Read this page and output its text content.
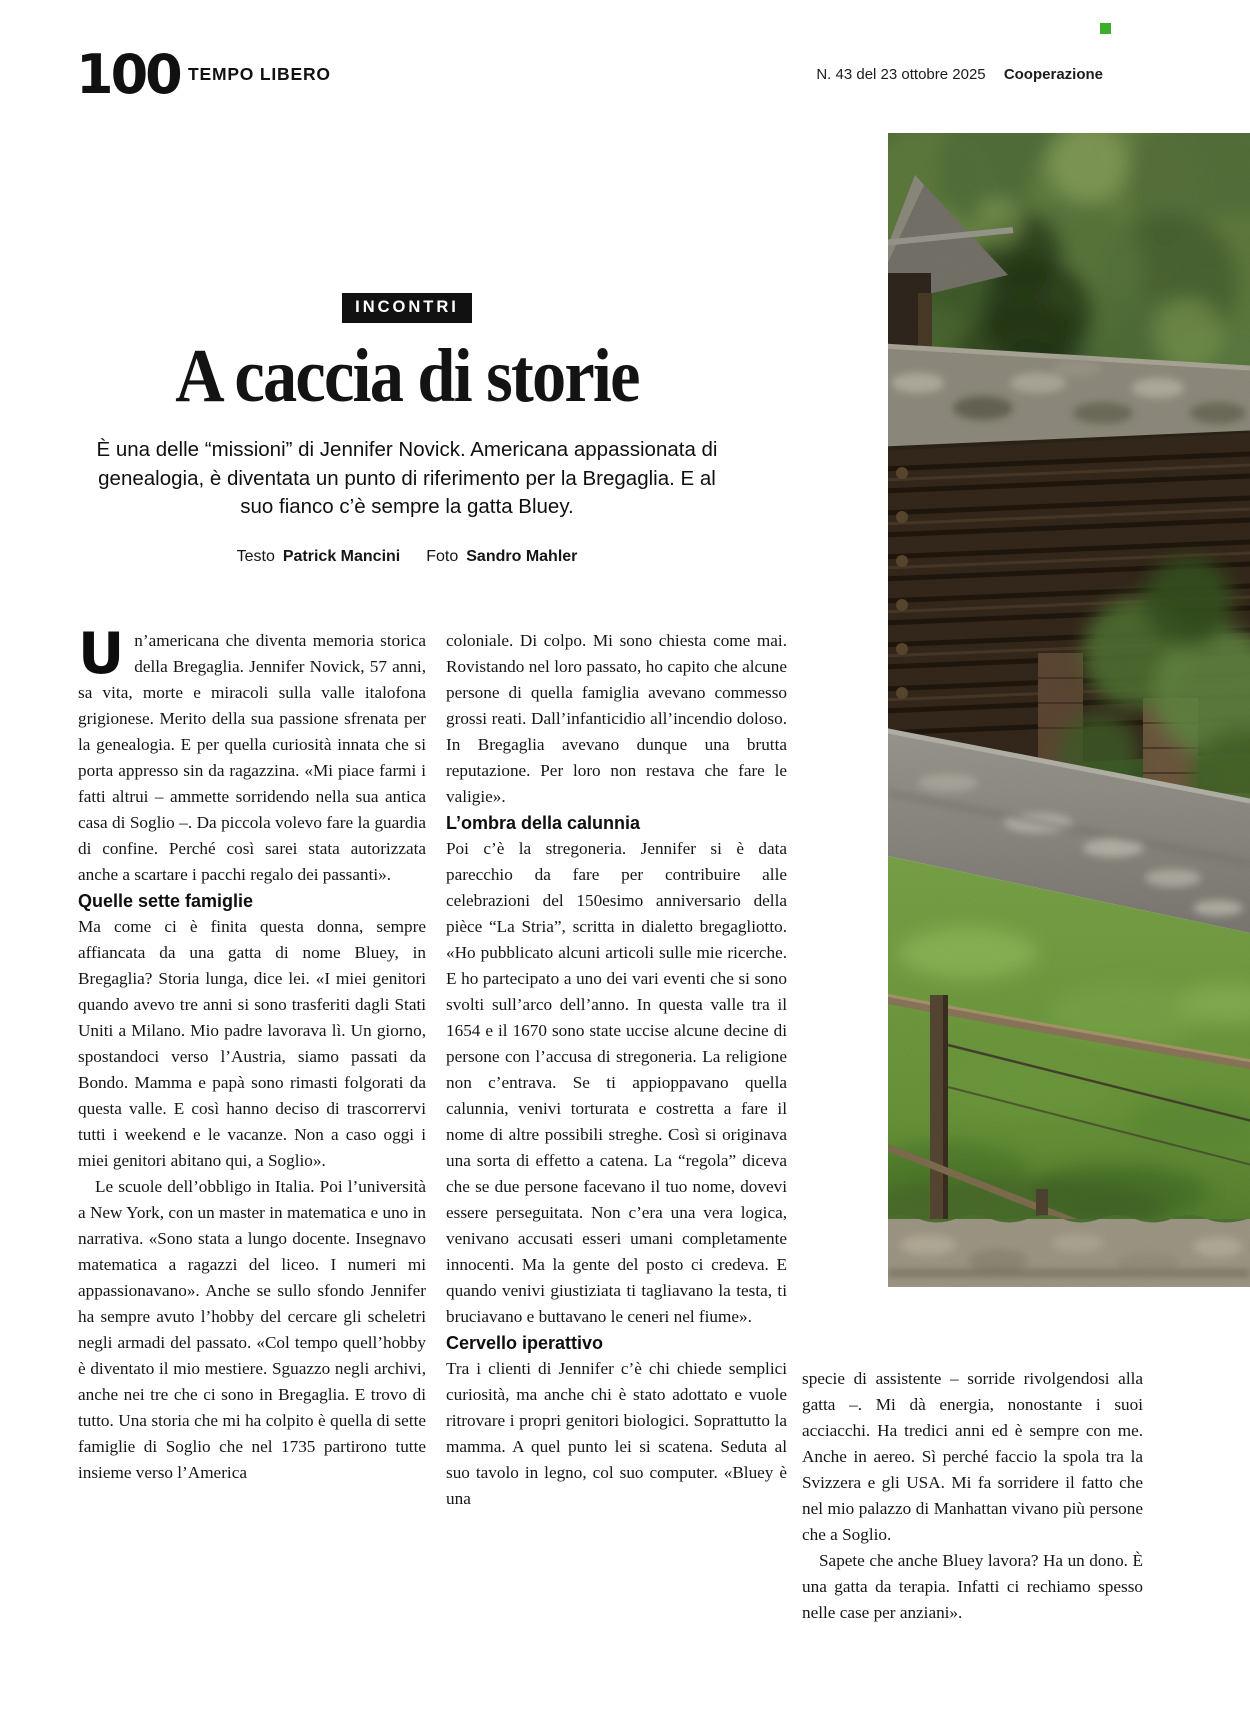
100 TEMPO LIBERO	N. 43 del 23 ottobre 2025 Cooperazione
INCONTRI
A caccia di storie

È una delle “missioni” di Jennifer Novick. Americana appassionata di genealogia, è diventata un punto di riferimento per la Bregaglia. E al suo fianco c’è sempre la gatta Bluey.

Testo Patrick Mancini Foto Sandro Mahler

Un’americana che diventa memoria storica della Bregaglia. Jennifer Novick, 57 anni, sa vita, morte e miracoli sulla valle italofona grigionese. Merito della sua passione sfrenata per la genealogia. E per quella curiosità innata che si porta appresso sin da ragazzina. «Mi piace farmi i fatti altrui – ammette sorridendo nella sua antica casa di Soglio –. Da piccola volevo fare la guardia di confine. Perché così sarei stata autorizzata anche a scartare i pacchi regalo dei passanti».

Quelle sette famiglie

Ma come ci è finita questa donna, sempre affiancata da una gatta di nome Bluey, in Bregaglia? Storia lunga, dice lei. «I miei genitori quando avevo tre anni si sono trasferiti dagli Stati Uniti a Milano. Mio padre lavorava lì. Un giorno, spostandoci verso l’Austria, siamo passati da Bondo. Mamma e papà sono rimasti folgorati da questa valle. E così hanno deciso di trascorrervi tutti i weekend e le vacanze. Non a caso oggi i miei genitori abitano qui, a Soglio».

Le scuole dell’obbligo in Italia. Poi l’università a New York, con un master in matematica e uno in narrativa. «Sono stata a lungo docente. Insegnavo matematica a ragazzi del liceo. I numeri mi appassionavano». Anche se sullo sfondo Jennifer ha sempre avuto l’hobby del cercare gli scheletri negli armadi del passato. «Col tempo quell’hobby è diventato il mio mestiere. Sguazzo negli archivi, anche nei tre che ci sono in Bregaglia. E trovo di tutto. Una storia che mi ha colpito è quella di sette famiglie di Soglio che nel 1735 partirono tutte insieme verso l’America

coloniale. Di colpo. Mi sono chiesta come mai. Rovistando nel loro passato, ho capito che alcune persone di quella famiglia avevano commesso grossi reati. Dall’infanticidio all’incendio doloso. In Bregaglia avevano dunque una brutta reputazione. Per loro non restava che fare le valigie».

L’ombra della calunnia

Poi c’è la stregoneria. Jennifer si è data parecchio da fare per contribuire alle celebrazioni del 150esimo anniversario della pièce “La Stria”, scritta in dialetto bregagliotto. «Ho pubblicato alcuni articoli sulle mie ricerche. E ho partecipato a uno dei vari eventi che si sono svolti sull’arco dell’anno. In questa valle tra il 1654 e il 1670 sono state uccise alcune decine di persone con l’accusa di stregoneria. La religione non c’entrava. Se ti appioppavano quella calunnia, venivi torturata e costretta a fare il nome di altre possibili streghe. Così si originava una sorta di effetto a catena. La “regola” diceva che se due persone facevano il tuo nome, dovevi essere perseguitata. Non c’era una vera logica, venivano accusati esseri umani completamente innocenti. Ma la gente del posto ci credeva. E quando venivi giustiziata ti tagliavano la testa, ti bruciavano e buttavano le ceneri nel fiume».

Cervello iperattivo

Tra i clienti di Jennifer c’è chi chiede semplici curiosità, ma anche chi è stato adottato e vuole ritrovare i propri genitori biologici. Soprattutto la mamma. A quel punto lei si scatena. Seduta al suo tavolo in legno, col suo computer. «Bluey è una

specie di assistente – sorride rivolgendosi alla gatta –. Mi dà energia, nonostante i suoi acciacchi. Ha tredici anni ed è sempre con me. Anche in aereo. Sì perché faccio la spola tra la Svizzera e gli USA. Mi fa sorridere il fatto che nel mio palazzo di Manhattan vivano più persone che a Soglio.

Sapete che anche Bluey lavora? Ha un dono. È una gatta da terapia. Infatti ci rechiamo spesso nelle case per anziani».
